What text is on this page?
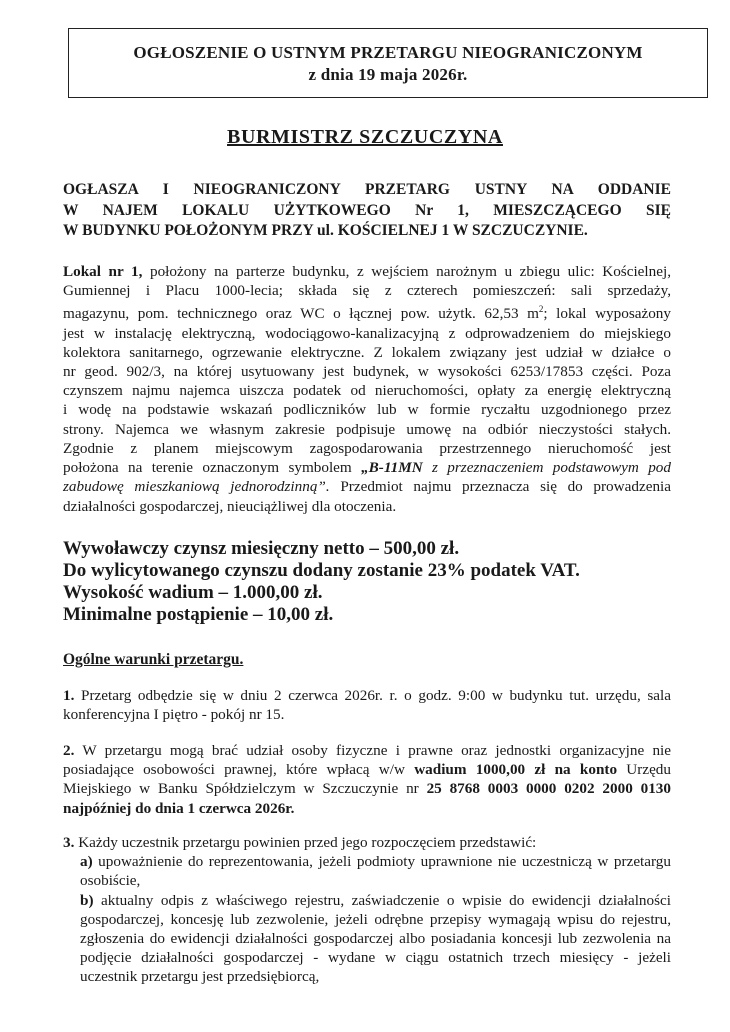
OGŁOSZENIE O USTNYM PRZETARGU NIEOGRANICZONYM
z dnia 19 maja 2026r.
BURMISTRZ SZCZUCZYNA
OGŁASZA I NIEOGRANICZONY PRZETARG USTNY NA ODDANIE
W NAJEM LOKALU UŻYTKOWEGO Nr 1, MIESZCZĄCEGO SIĘ
W BUDYNKU POŁOŻONYM PRZY ul. KOŚCIELNEJ 1 W SZCZUCZYNIE.
Lokal nr 1, położony na parterze budynku, z wejściem narożnym u zbiegu ulic: Kościelnej,
Gumiennej i Placu 1000-lecia; składa się z czterech pomieszczeń: sali sprzedaży,
magazynu, pom. technicznego oraz WC o łącznej pow. użytk. 62,53 $m^2$; lokal wyposażony
jest w instalację elektryczną, wodociągowo-kanalizacyjną z odprowadzeniem do miejskiego
kolektora sanitarnego, ogrzewanie elektryczne. Z lokalem związany jest udział w działce o
nr geod. 902/3, na której usytuowany jest budynek, w wysokości 6253/17853 części. Poza
czynszem najmu najemca uiszcza podatek od nieruchomości, opłaty za energię elektryczną
i wodę na podstawie wskazań podliczników lub w formie ryczałtu uzgodnionego przez
strony. Najemca we własnym zakresie podpisuje umowę na odbiór nieczystości stałych.
Zgodnie z planem miejscowym zagospodarowania przestrzennego nieruchomość jest
położona na terenie oznaczonym symbolem „B-11MN z przeznaczeniem podstawowym pod
zabudowę mieszkaniową jednorodzinną”. Przedmiot najmu przeznacza się do prowadzenia
działalności gospodarczej, nieuciążliwej dla otoczenia.
Wywoławczy czynsz miesięczny netto – 500,00 zł.
Do wylicytowanego czynszu dodany zostanie 23% podatek VAT.
Wysokość wadium – 1.000,00 zł.
Minimalne postąpienie – 10,00 zł.
Ogólne warunki przetargu.
1. Przetarg odbędzie się w dniu 2 czerwca 2026r. r. o godz. 9:00 w budynku tut. urzędu, sala
konferencyjna I piętro - pokój nr 15.
2. W przetargu mogą brać udział osoby fizyczne i prawne oraz jednostki organizacyjne nie
posiadające osobowości prawnej, które wpłacą w/w wadium 1000,00 zł na konto Urzędu
Miejskiego w Banku Spółdzielczym w Szczuczynie nr 25 8768 0003 0000 0202 2000 0130
najpóźniej do dnia 1 czerwca 2026r.
3. Każdy uczestnik przetargu powinien przed jego rozpoczęciem przedstawić:
a) upoważnienie do reprezentowania, jeżeli podmioty uprawnione nie uczestniczą w przetargu
osobiście,
b) aktualny odpis z właściwego rejestru, zaświadczenie o wpisie do ewidencji działalności
gospodarczej, koncesję lub zezwolenie, jeżeli odrębne przepisy wymagają wpisu do rejestru,
zgłoszenia do ewidencji działalności gospodarczej albo posiadania koncesji lub zezwolenia na
podjęcie działalności gospodarczej - wydane w ciągu ostatnich trzech miesięcy - jeżeli
uczestnik przetargu jest przedsiębiorcą,
